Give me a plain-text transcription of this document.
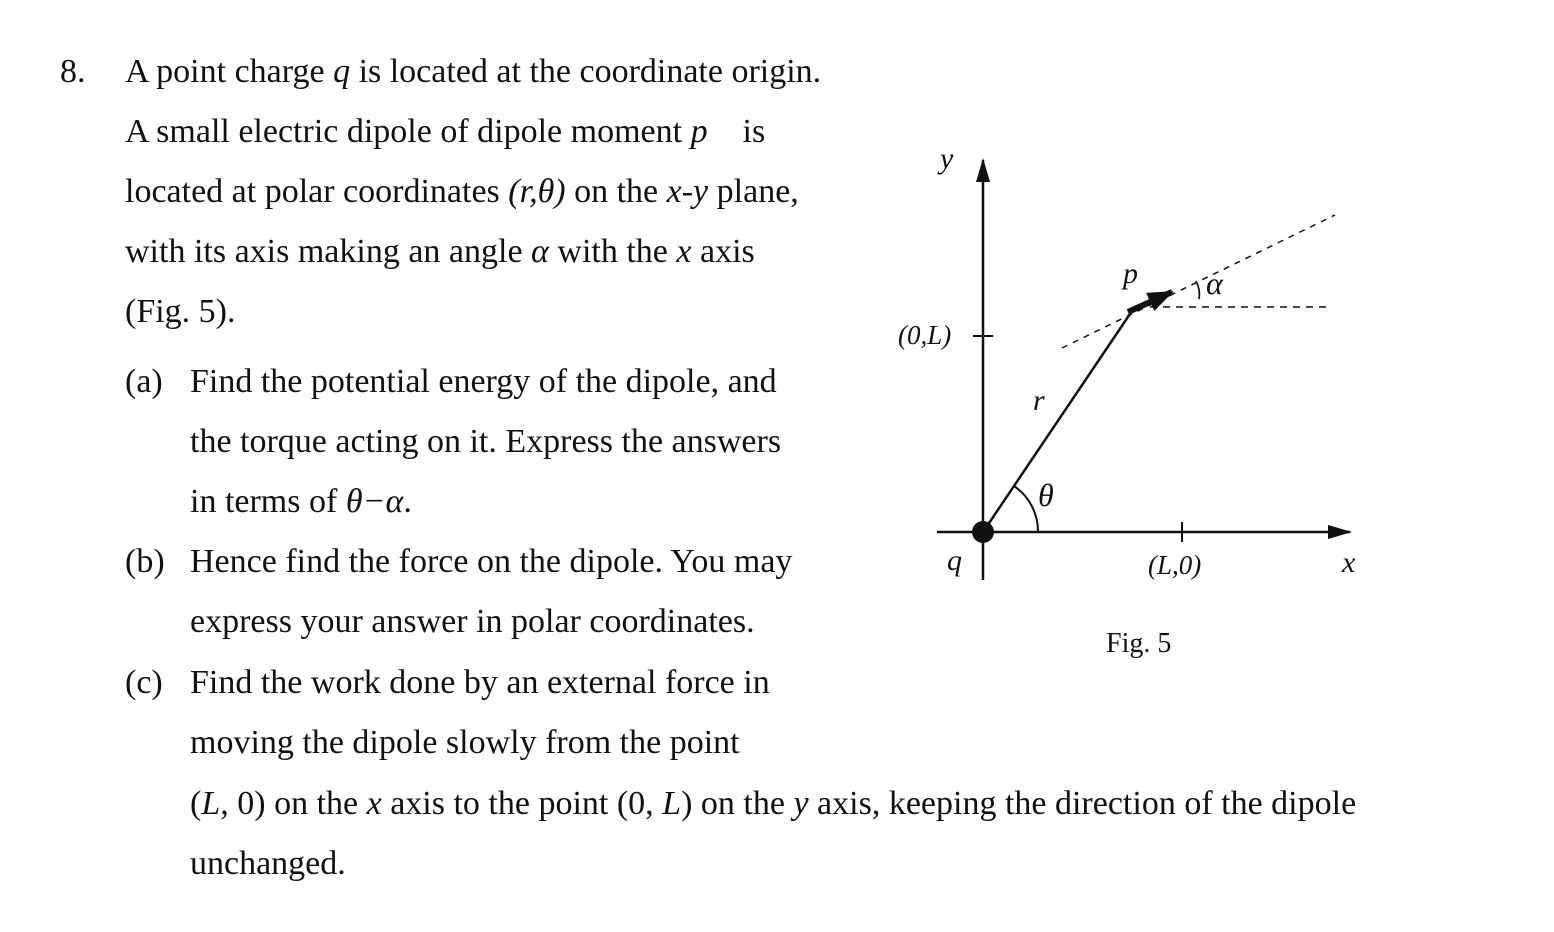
8. A point charge q is located at the coordinate origin.
A small electric dipole of dipole moment p⃗ is
located at polar coordinates (r,θ) on the x-y plane,
with its axis making an angle α with the x axis
(Fig. 5).
(a) Find the potential energy of the dipole, and
the torque acting on it. Express the answers
in terms of θ−α.
(b) Hence find the force on the dipole. You may
express your answer in polar coordinates.
(c) Find the work done by an external force in
moving the dipole slowly from the point
(L, 0) on the x axis to the point (0, L) on the y axis, keeping the direction of the dipole
unchanged.
y
x
q
(0,L)
(L,0)
r
θ
p⃗ α
Fig. 5
